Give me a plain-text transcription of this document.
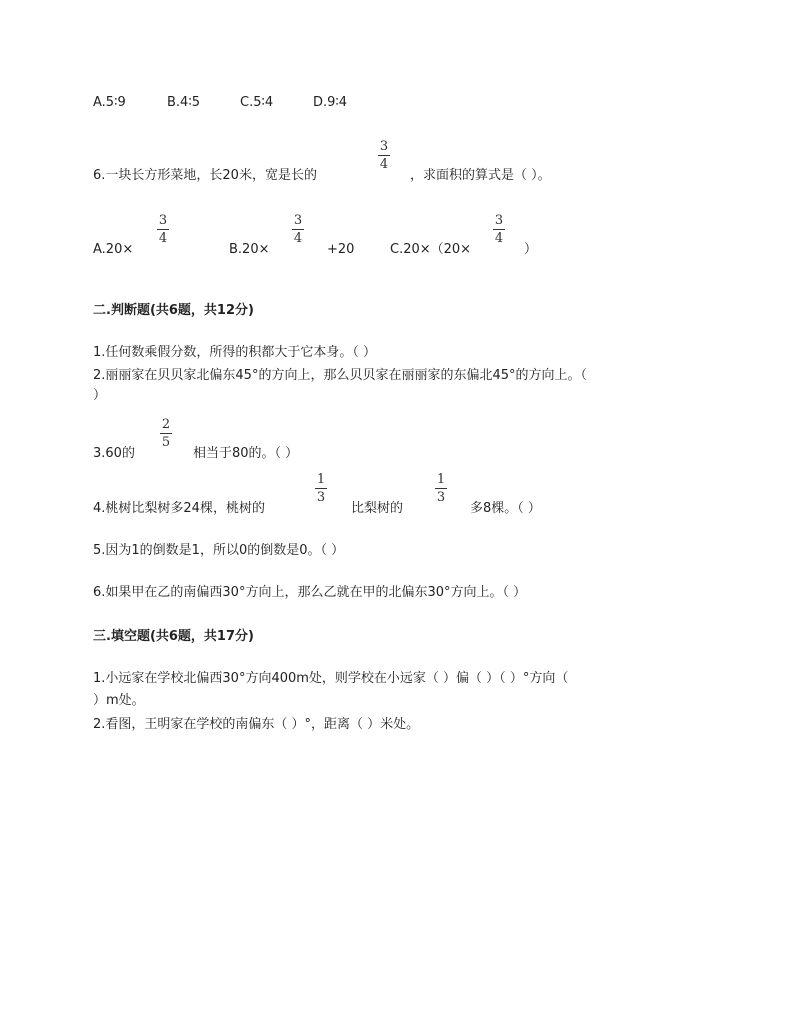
A.5∶9	B.4∶5	C.5∶4	D.9∶4
6.一块长方形菜地，长20米，宽是长的
3
4
，求面积的算式是（ ）。
A.20×
3
4
B.20×
3
4
+20	C.20×（20×
3
4
）
二.判断题(共6题，共12分)
1.任何数乘假分数，所得的积都大于它本身。（ ）
2.丽丽家在贝贝家北偏东45°的方向上，那么贝贝家在丽丽家的东偏北45°的方向上。（
）
3.60的
2
5
相当于80的。（ ）
4.桃树比梨树多24棵，桃树的
1
3
比梨树的
1
3
多8棵。（ ）
5.因为1的倒数是1，所以0的倒数是0。（ ）
6.如果甲在乙的南偏西30°方向上，那么乙就在甲的北偏东30°方向上。（ ）
三.填空题(共6题，共17分)
1.小远家在学校北偏西30°方向400m处，则学校在小远家（ ）偏（ ）（ ）°方向（
）m处。
2.看图，王明家在学校的南偏东（ ）°，距离（ ）米处。
